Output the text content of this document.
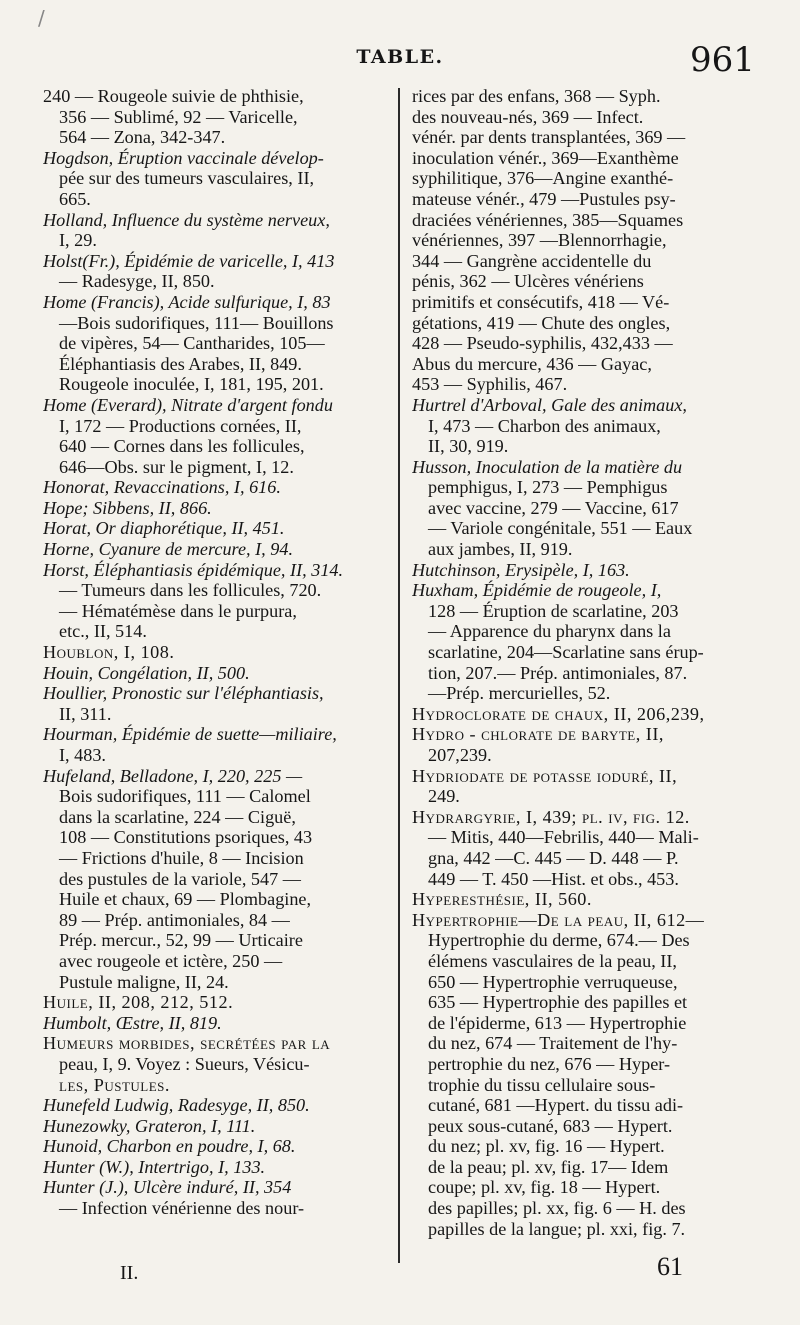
/
TABLE.	961
240 — Rougeole suivie de phthisie,
356 — Sublimé, 92 — Varicelle,
564 — Zona, 342-347.
Hogdson, Éruption vaccinale dévelop-
pée sur des tumeurs vasculaires, II,
665.
Holland, Influence du système nerveux,
I, 29.
Holst(Fr.), Épidémie de varicelle, I, 413
— Radesyge, II, 850.
Home (Francis), Acide sulfurique, I, 83
—Bois sudorifiques, 111— Bouillons
de vipères, 54— Cantharides, 105—
Éléphantiasis des Arabes, II, 849.
Rougeole inoculée, I, 181, 195, 201.
Home (Everard), Nitrate d'argent fondu
I, 172 — Productions cornées, II,
640 — Cornes dans les follicules,
646—Obs. sur le pigment, I, 12.
Honorat, Revaccinations, I, 616.
Hope; Sibbens, II, 866.
Horat, Or diaphorétique, II, 451.
Horne, Cyanure de mercure, I, 94.
Horst, Éléphantiasis épidémique, II, 314.
— Tumeurs dans les follicules, 720.
— Hématémèse dans le purpura,
etc., II, 514.
Houblon, I, 108.
Houin, Congélation, II, 500.
Houllier, Pronostic sur l'éléphantiasis,
II, 311.
Hourman, Épidémie de suette—miliaire,
I, 483.
Hufeland, Belladone, I, 220, 225 —
Bois sudorifiques, 111 — Calomel
dans la scarlatine, 224 — Ciguë,
108 — Constitutions psoriques, 43
— Frictions d'huile, 8 — Incision
des pustules de la variole, 547 —
Huile et chaux, 69 — Plombagine,
89 — Prép. antimoniales, 84 —
Prép. mercur., 52, 99 — Urticaire
avec rougeole et ictère, 250 —
Pustule maligne, II, 24.
Huile, II, 208, 212, 512.
Humbolt, Œstre, II, 819.
Humeurs morbides, secrétées par la
peau, I, 9. Voyez : Sueurs, Vésicu-
les, Pustules.
Hunefeld Ludwig, Radesyge, II, 850.
Hunezowky, Grateron, I, 111.
Hunoid, Charbon en poudre, I, 68.
Hunter (W.), Intertrigo, I, 133.
Hunter (J.), Ulcère induré, II, 354
— Infection vénérienne des nour-
rices par des enfans, 368 — Syph.
des nouveau-nés, 369 — Infect.
vénér. par dents transplantées, 369 —
inoculation vénér., 369—Exanthème
syphilitique, 376—Angine exanthé-
mateuse vénér., 479 —Pustules psy-
draciées vénériennes, 385—Squames
vénériennes, 397 —Blennorrhagie,
344 — Gangrène accidentelle du
pénis, 362 — Ulcères vénériens
primitifs et consécutifs, 418 — Vé-
gétations, 419 — Chute des ongles,
428 — Pseudo-syphilis, 432,433 —
Abus du mercure, 436 — Gayac,
453 — Syphilis, 467.
Hurtrel d'Arboval, Gale des animaux,
I, 473 — Charbon des animaux,
II, 30, 919.
Husson, Inoculation de la matière du
pemphigus, I, 273 — Pemphigus
avec vaccine, 279 — Vaccine, 617
— Variole congénitale, 551 — Eaux
aux jambes, II, 919.
Hutchinson, Erysipèle, I, 163.
Huxham, Épidémie de rougeole, I,
128 — Éruption de scarlatine, 203
— Apparence du pharynx dans la
scarlatine, 204—Scarlatine sans érup-
tion, 207.— Prép. antimoniales, 87.
—Prép. mercurielles, 52.
Hydroclorate de chaux, II, 206,239,
Hydro - chlorate de baryte, II,
207,239.
Hydriodate de potasse ioduré, II,
249.
Hydrargyrie, I, 439; pl. iv, fig. 12.
— Mitis, 440—Febrilis, 440— Mali-
gna, 442 —C. 445 — D. 448 — P.
449 — T. 450 —Hist. et obs., 453.
Hyperesthésie, II, 560.
Hypertrophie—De la peau, II, 612—
Hypertrophie du derme, 674.— Des
élémens vasculaires de la peau, II,
650 — Hypertrophie verruqueuse,
635 — Hypertrophie des papilles et
de l'épiderme, 613 — Hypertrophie
du nez, 674 — Traitement de l'hy-
pertrophie du nez, 676 — Hyper-
trophie du tissu cellulaire sous-
cutané, 681 —Hypert. du tissu adi-
peux sous-cutané, 683 — Hypert.
du nez; pl. xv, fig. 16 — Hypert.
de la peau; pl. xv, fig. 17— Idem
coupe; pl. xv, fig. 18 — Hypert.
des papilles; pl. xx, fig. 6 — H. des
papilles de la langue; pl. xxi, fig. 7.
II.	61
